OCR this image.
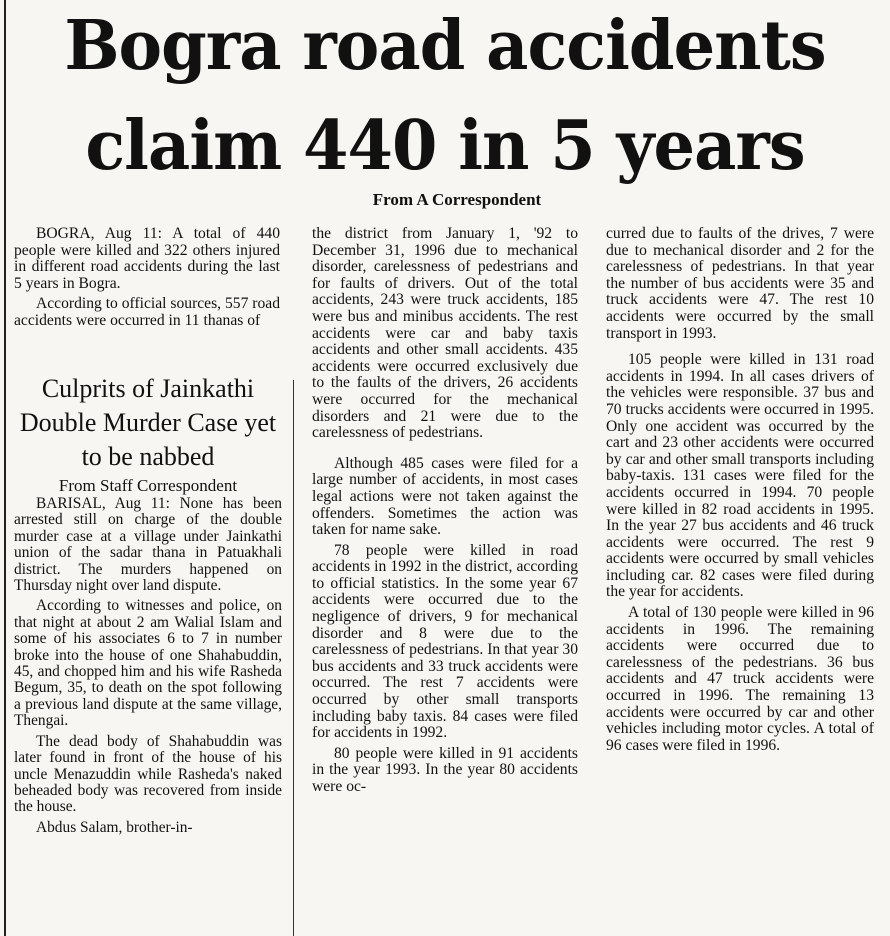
Bogra road accidents
claim 440 in 5 years
From A Correspondent

BOGRA, Aug 11: A total of 440 people were killed and 322 others injured in different road accidents during the last 5 years in Bogra.

According to official sources, 557 road accidents were occurred in 11 thanas of

Culprits of Jainkathi Double Murder Case yet to be nabbed
From Staff Correspondent

BARISAL, Aug 11: None has been arrested still on charge of the double murder case at a village under Jainkathi union of the sadar thana in Patuakhali district. The murders happened on Thursday night over land dispute.

According to witnesses and police, on that night at about 2 am Walial Islam and some of his associates 6 to 7 in number broke into the house of one Shahabuddin, 45, and chopped him and his wife Rasheda Begum, 35, to death on the spot following a previous land dispute at the same village, Thengai.

The dead body of Shahabuddin was later found in front of the house of his uncle Menazuddin while Rasheda's naked beheaded body was recovered from inside the house.

Abdus Salam, brother-in-

the district from January 1, '92 to December 31, 1996 due to mechanical disorder, carelessness of pedestrians and for faults of drivers. Out of the total accidents, 243 were truck accidents, 185 were bus and minibus accidents. The rest accidents were car and baby taxis accidents and other small accidents. 435 accidents were occurred exclusively due to the faults of the drivers, 26 accidents were occurred for the mechanical disorders and 21 were due to the carelessness of pedestrians.

Although 485 cases were filed for a large number of accidents, in most cases legal actions were not taken against the offenders. Sometimes the action was taken for name sake.

78 people were killed in road accidents in 1992 in the district, according to official statistics. In the some year 67 accidents were occurred due to the negligence of drivers, 9 for mechanical disorder and 8 were due to the carelessness of pedestrians. In that year 30 bus accidents and 33 truck accidents were occurred. The rest 7 accidents were occurred by other small transports including baby taxis. 84 cases were filed for accidents in 1992.

80 people were killed in 91 accidents in the year 1993. In the year 80 accidents were oc-

curred due to faults of the drives, 7 were due to mechanical disorder and 2 for the carelessness of pedestrians. In that year the number of bus accidents were 35 and truck accidents were 47. The rest 10 accidents were occurred by the small transport in 1993.

105 people were killed in 131 road accidents in 1994. In all cases drivers of the vehicles were responsible. 37 bus and 70 trucks accidents were occurred in 1995. Only one accident was occurred by the cart and 23 other accidents were occurred by car and other small transports including baby-taxis. 131 cases were filed for the accidents occurred in 1994. 70 people were killed in 82 road accidents in 1995. In the year 27 bus accidents and 46 truck accidents were occurred. The rest 9 accidents were occurred by small vehicles including car. 82 cases were filed during the year for accidents.

A total of 130 people were killed in 96 accidents in 1996. The remaining accidents were occurred due to carelessness of the pedestrians. 36 bus accidents and 47 truck accidents were occurred in 1996. The remaining 13 accidents were occurred by car and other vehicles including motor cycles. A total of 96 cases were filed in 1996.
